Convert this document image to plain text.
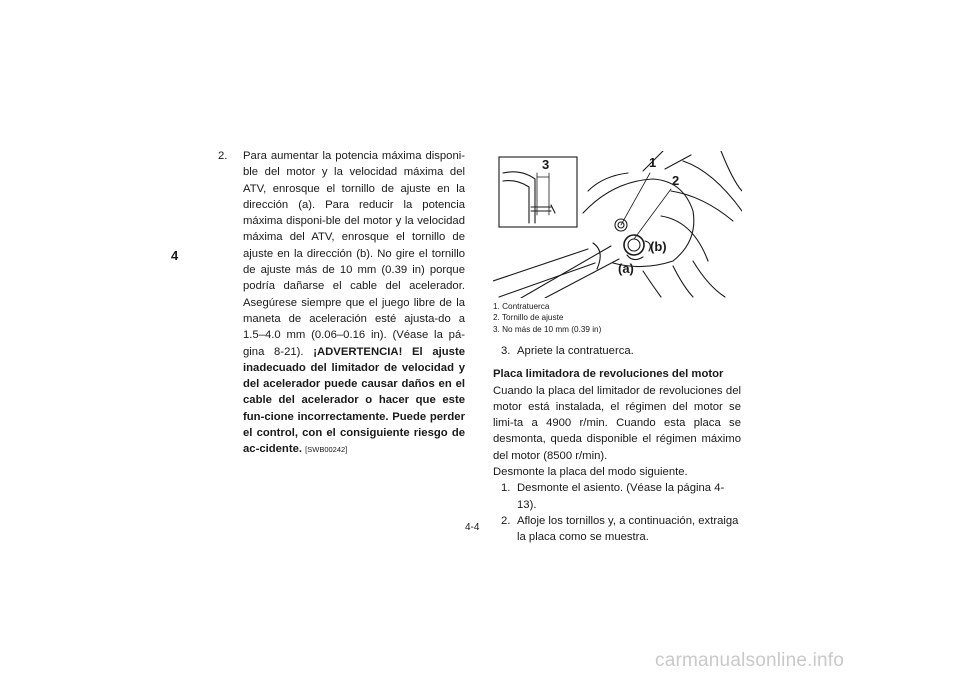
4
2. Para aumentar la potencia máxima disponi-ble del motor y la velocidad máxima del ATV, enrosque el tornillo de ajuste en la dirección (a). Para reducir la potencia máxima disponi-ble del motor y la velocidad máxima del ATV, enrosque el tornillo de ajuste en la dirección (b). No gire el tornillo de ajuste más de 10 mm (0.39 in) porque podría dañarse el cable del acelerador. Asegúrese siempre que el juego libre de la maneta de aceleración esté ajusta-do a 1.5–4.0 mm (0.06–0.16 in). (Véase la pá-gina 8-21). ¡ADVERTENCIA! El ajuste inadecuado del limitador de velocidad y del acelerador puede causar daños en el cable del acelerador o hacer que este fun-cione incorrectamente. Puede perder el control, con el consiguiente riesgo de ac-cidente. [SWB00242]
3	1
2
(b)
(a)
1. Contratuerca
2. Tornillo de ajuste
3. No más de 10 mm (0.39 in)
3. Apriete la contratuerca.
Placa limitadora de revoluciones del motor
Cuando la placa del limitador de revoluciones del motor está instalada, el régimen del motor se limi-ta a 4900 r/min. Cuando esta placa se desmonta, queda disponible el régimen máximo del motor (8500 r/min).
Desmonte la placa del modo siguiente.
1. Desmonte el asiento. (Véase la página 4-13).
2. Afloje los tornillos y, a continuación, extraiga la placa como se muestra.
4-4
carmanualsonline.info
